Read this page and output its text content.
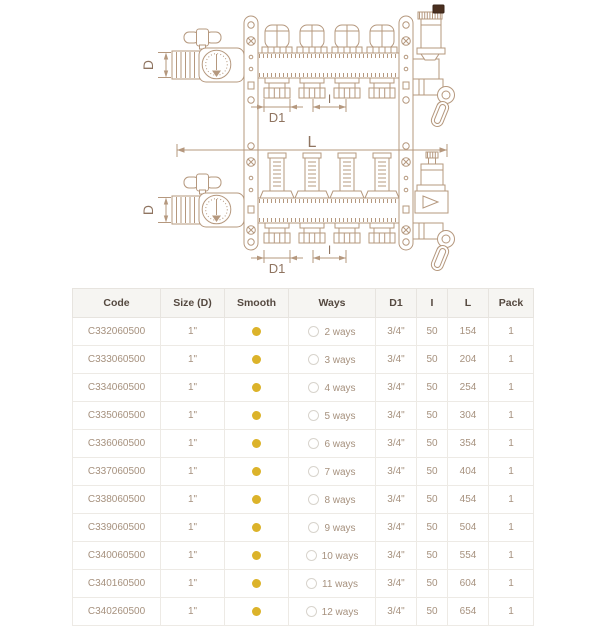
L
D
D
D1
D1
I
I
Code	Size (D)	Smooth	Ways	D1	I	L	Pack
C332060500	1"		2 ways	3/4"	50	154	1
C333060500	1"		3 ways	3/4"	50	204	1
C334060500	1"		4 ways	3/4"	50	254	1
C335060500	1"		5 ways	3/4"	50	304	1
C336060500	1"		6 ways	3/4"	50	354	1
C337060500	1"		7 ways	3/4"	50	404	1
C338060500	1"		8 ways	3/4"	50	454	1
C339060500	1"		9 ways	3/4"	50	504	1
C340060500	1"		10 ways	3/4"	50	554	1
C340160500	1"		11 ways	3/4"	50	604	1
C340260500	1"		12 ways	3/4"	50	654	1
